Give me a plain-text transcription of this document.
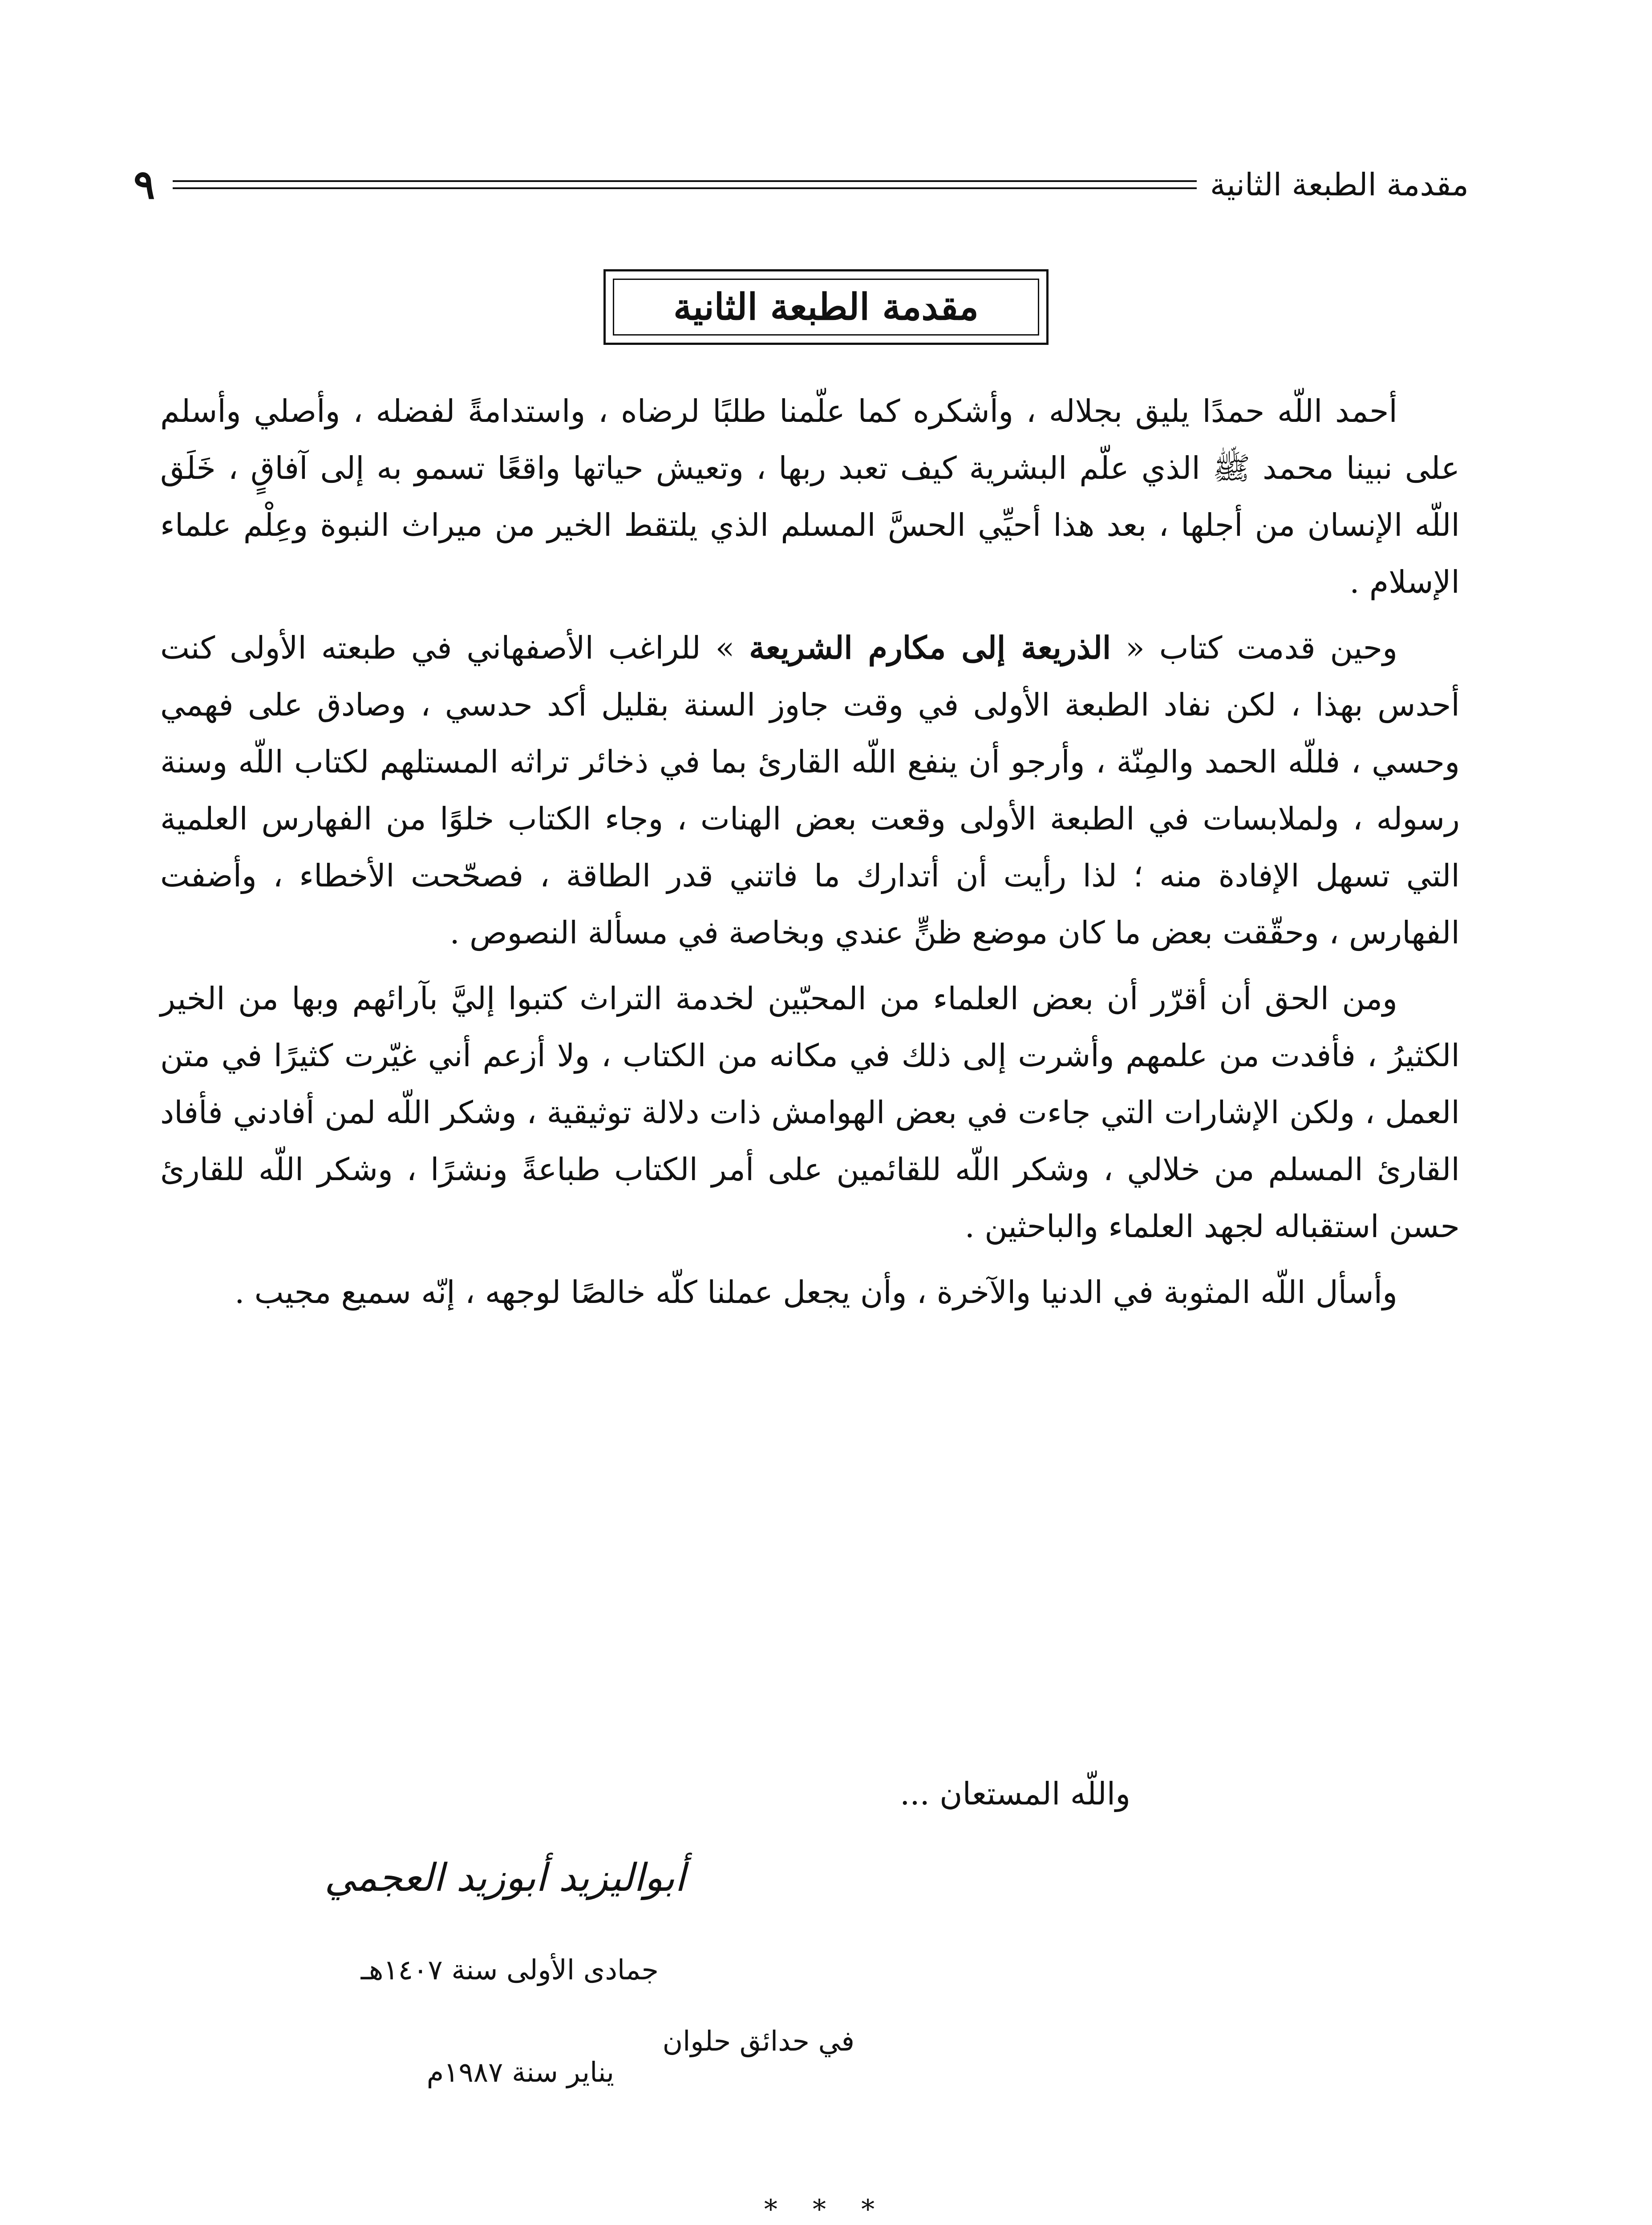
مقدمة الطبعة الثانية
٩
مقدمة الطبعة الثانية

أحمد اللّه حمدًا يليق بجلاله ، وأشكره كما علّمنا طلبًا لرضاه ، واستدامةً لفضله ، وأصلي وأسلم على نبينا محمد ﷺ الذي علّم البشرية كيف تعبد ربها ، وتعيش حياتها واقعًا تسمو به إلى آفاقٍ ، خَلَق اللّه الإنسان من أجلها ، بعد هذا أحيِّي الحسَّ المسلم الذي يلتقط الخير من ميراث النبوة وعِلْم علماء الإسلام .

وحين قدمت كتاب « الذريعة إلى مكارم الشريعة » للراغب الأصفهاني في طبعته الأولى كنت أحدس بهذا ، لكن نفاد الطبعة الأولى في وقت جاوز السنة بقليل أكد حدسي ، وصادق على فهمي وحسي ، فللّه الحمد والمِنّة ، وأرجو أن ينفع اللّه القارئ بما في ذخائر تراثه المستلهم لكتاب اللّه وسنة رسوله ، ولملابسات في الطبعة الأولى وقعت بعض الهنات ، وجاء الكتاب خلوًا من الفهارس العلمية التي تسهل الإفادة منه ؛ لذا رأيت أن أتدارك ما فاتني قدر الطاقة ، فصحّحت الأخطاء ، وأضفت الفهارس ، وحقّقت بعض ما كان موضع ظنٍّ عندي وبخاصة في مسألة النصوص .

ومن الحق أن أقرّر أن بعض العلماء من المحبّين لخدمة التراث كتبوا إليَّ بآرائهم وبها من الخير الكثيرُ ، فأفدت من علمهم وأشرت إلى ذلك في مكانه من الكتاب ، ولا أزعم أني غيّرت كثيرًا في متن العمل ، ولكن الإشارات التي جاءت في بعض الهوامش ذات دلالة توثيقية ، وشكر اللّه لمن أفادني فأفاد القارئ المسلم من خلالي ، وشكر اللّه للقائمين على أمر الكتاب طباعةً ونشرًا ، وشكر اللّه للقارئ حسن استقباله لجهد العلماء والباحثين .

وأسأل اللّه المثوبة في الدنيا والآخرة ، وأن يجعل عملنا كلّه خالصًا لوجهه ، إنّه سميع مجيب .

واللّه المستعان ...
أبواليزيد أبوزيد العجمي
جمادى الأولى سنة ١٤٠٧هـ
في حدائق حلوان
يناير سنة ١٩٨٧م
* * *
